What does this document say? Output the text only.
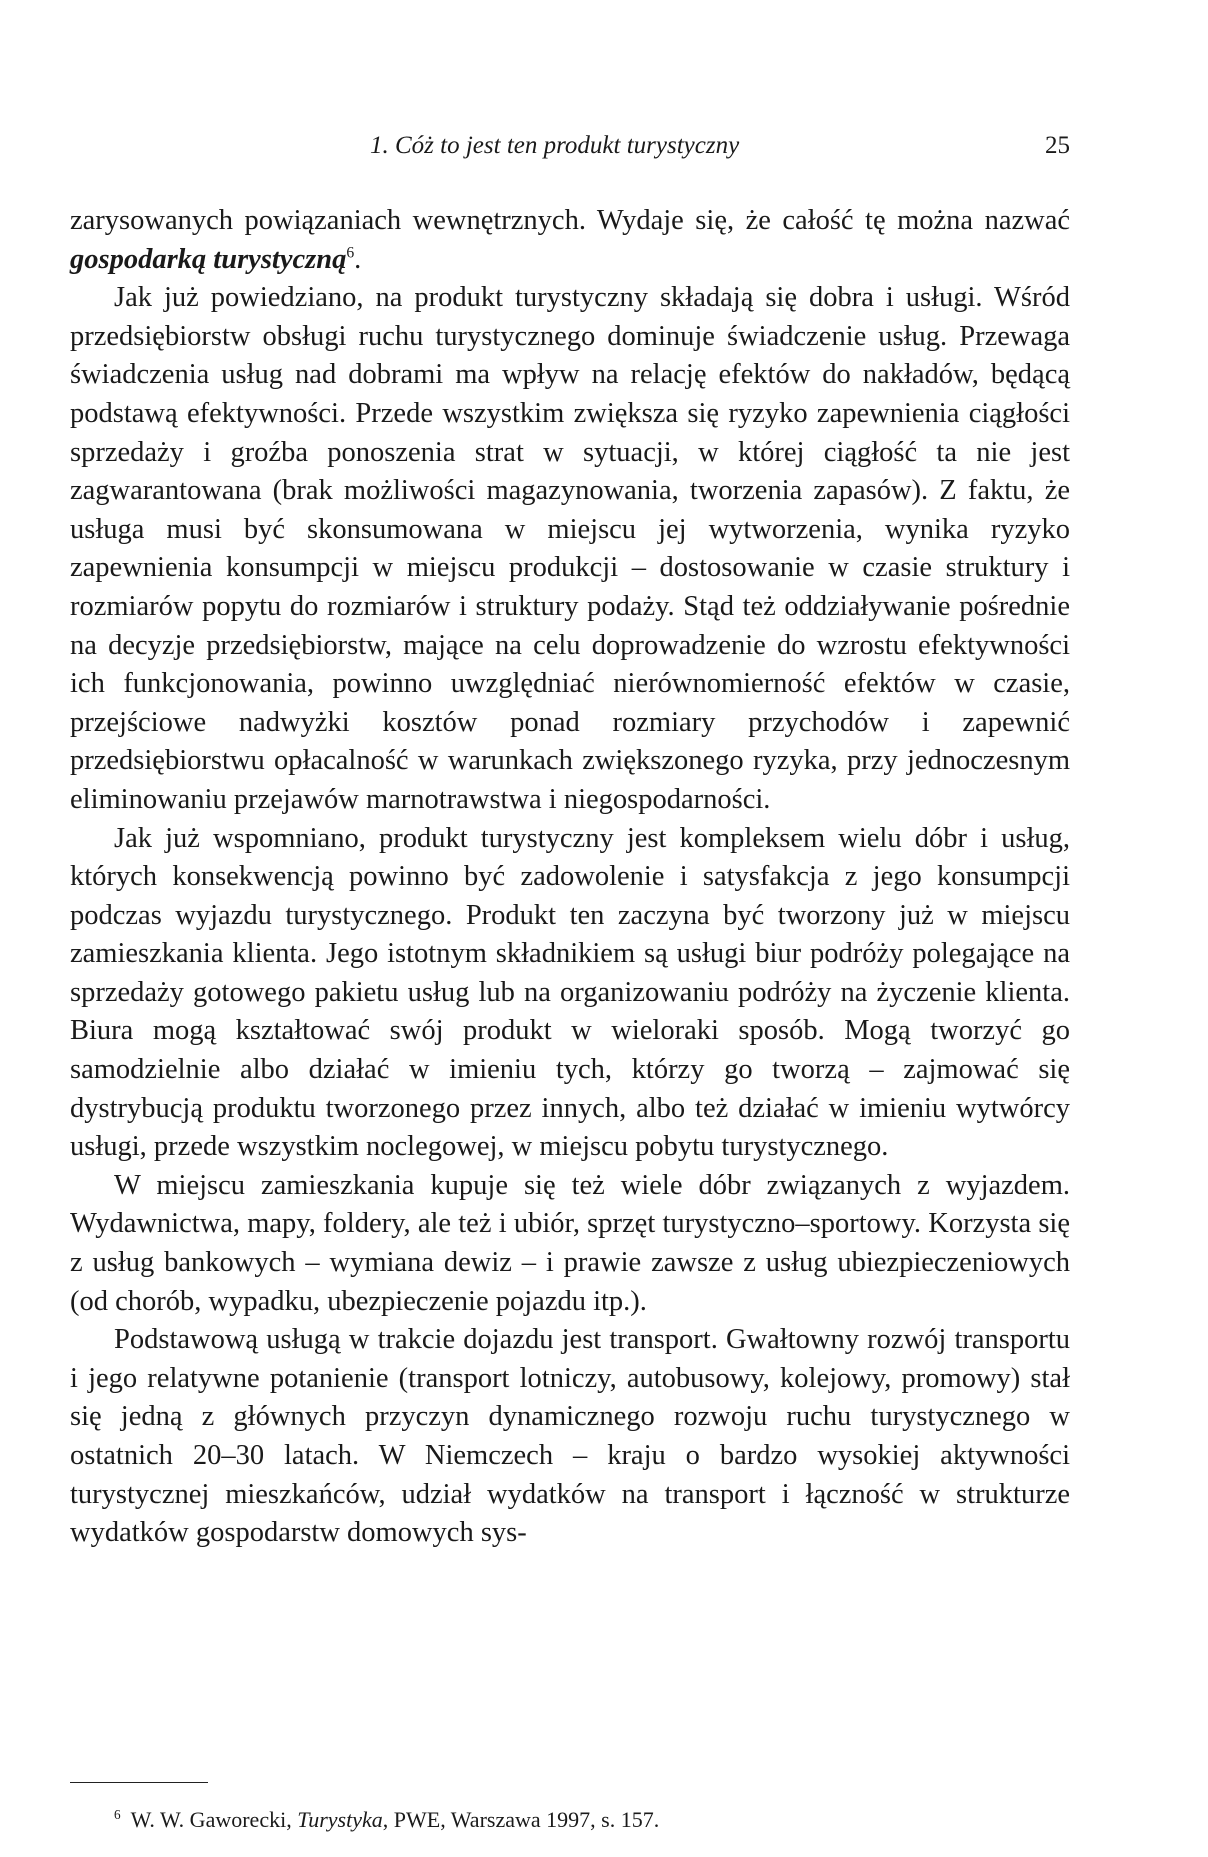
1. Cóż to jest ten produkt turystyczny	25

zarysowanych powiązaniach wewnętrznych. Wydaje się, że całość tę można nazwać gospodarką turystyczną$^6$.

Jak już powiedziano, na produkt turystyczny składają się dobra i usługi. Wśród przedsiębiorstw obsługi ruchu turystycznego dominuje świadczenie usług. Przewaga świadczenia usług nad dobrami ma wpływ na relację efektów do nakładów, będącą podstawą efektywności. Przede wszystkim zwiększa się ryzyko zapewnienia ciągłości sprzedaży i groźba ponoszenia strat w sytuacji, w której ciągłość ta nie jest zagwarantowana (brak możliwości magazynowania, tworzenia zapasów). Z faktu, że usługa musi być skonsumowana w miejscu jej wytworzenia, wynika ryzyko zapewnienia konsumpcji w miejscu produkcji – dostosowanie w czasie struktury i rozmiarów popytu do rozmiarów i struktury podaży. Stąd też oddziaływanie pośrednie na decyzje przedsiębiorstw, mające na celu doprowadzenie do wzrostu efektywności ich funkcjonowania, powinno uwzględniać nierównomierność efektów w czasie, przejściowe nadwyżki kosztów ponad rozmiary przychodów i zapewnić przedsiębiorstwu opłacalność w warunkach zwiększonego ryzyka, przy jednoczesnym eliminowaniu przejawów marnotrawstwa i niegospodarności.

Jak już wspomniano, produkt turystyczny jest kompleksem wielu dóbr i usług, których konsekwencją powinno być zadowolenie i satysfakcja z jego konsumpcji podczas wyjazdu turystycznego. Produkt ten zaczyna być tworzony już w miejscu zamieszkania klienta. Jego istotnym składnikiem są usługi biur podróży polegające na sprzedaży gotowego pakietu usług lub na organizowaniu podróży na życzenie klienta. Biura mogą kształtować swój produkt w wieloraki sposób. Mogą tworzyć go samodzielnie albo działać w imieniu tych, którzy go tworzą – zajmować się dystrybucją produktu tworzonego przez innych, albo też działać w imieniu wytwórcy usługi, przede wszystkim noclegowej, w miejscu pobytu turystycznego.

W miejscu zamieszkania kupuje się też wiele dóbr związanych z wyjazdem. Wydawnictwa, mapy, foldery, ale też i ubiór, sprzęt turystyczno–sportowy. Korzysta się z usług bankowych – wymiana dewiz – i prawie zawsze z usług ubiezpieczeniowych (od chorób, wypadku, ubezpieczenie pojazdu itp.).

Podstawową usługą w trakcie dojazdu jest transport. Gwałtowny rozwój transportu i jego relatywne potanienie (transport lotniczy, autobusowy, kolejowy, promowy) stał się jedną z głównych przyczyn dynamicznego rozwoju ruchu turystycznego w ostatnich 20–30 latach. W Niemczech – kraju o bardzo wysokiej aktywności turystycznej mieszkańców, udział wydatków na transport i łączność w strukturze wydatków gospodarstw domowych sys-

$^6$ W. W. Gaworecki, Turystyka, PWE, Warszawa 1997, s. 157.
